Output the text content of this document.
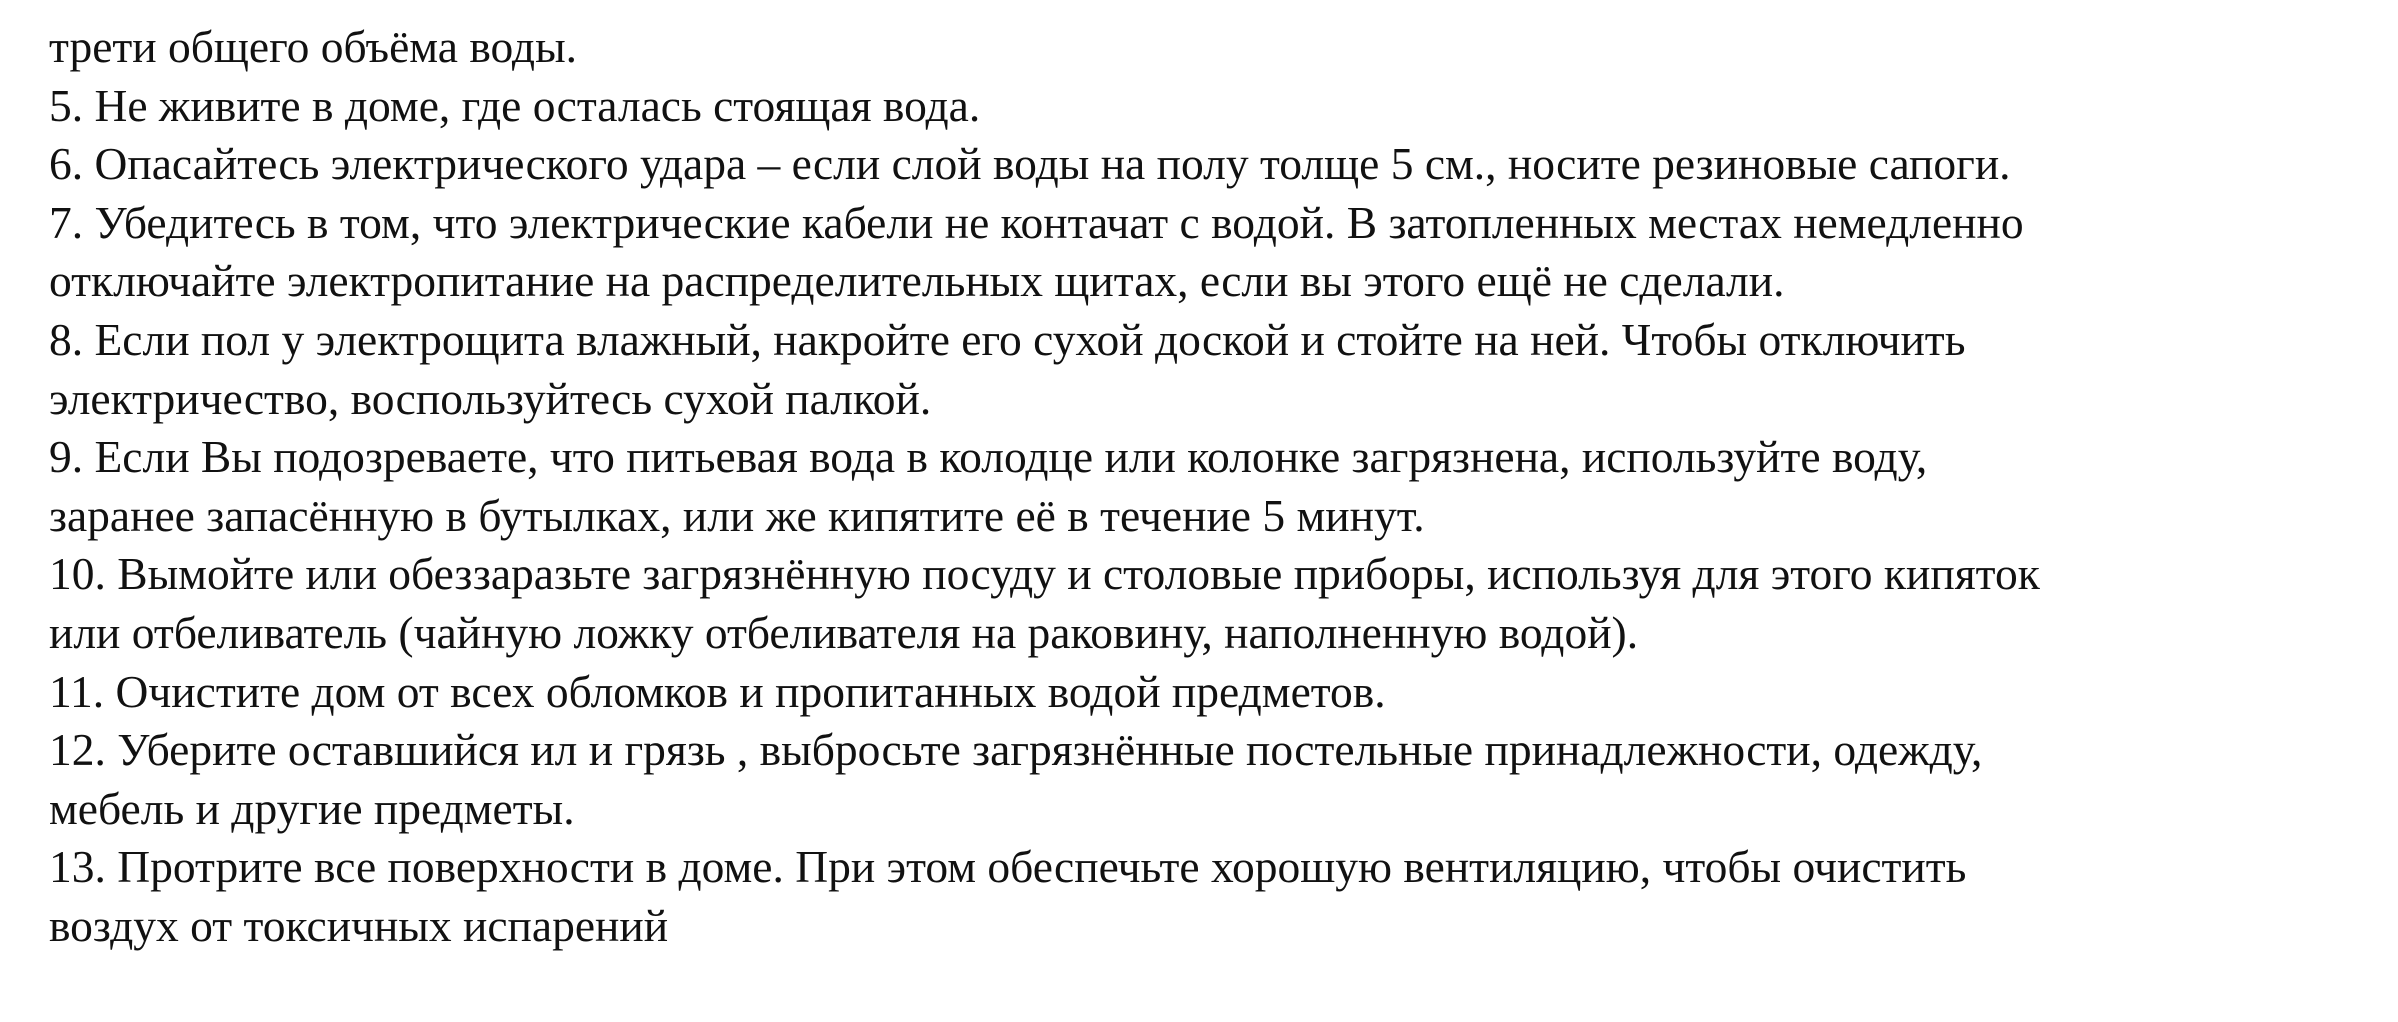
трети общего объёма воды.

5. Не живите в доме, где осталась стоящая вода.

6. Опасайтесь электрического удара – если слой воды на полу толще 5 см., носите резиновые сапоги.

7. Убедитесь в том, что электрические кабели не контачат с водой. В затопленных местах немедленно

отключайте электропитание на распределительных щитах, если вы этого ещё не сделали.

8. Если пол у электрощита влажный, накройте его сухой доской и стойте на ней. Чтобы отключить

электричество, воспользуйтесь сухой палкой.

9. Если Вы подозреваете, что питьевая вода в колодце или колонке загрязнена, используйте воду,

заранее запасённую в бутылках, или же кипятите её в течение 5 минут.

10. Вымойте или обеззаразьте загрязнённую посуду и столовые приборы, используя для этого кипяток

или отбеливатель (чайную ложку отбеливателя на раковину, наполненную водой).

11. Очистите дом от всех обломков и пропитанных водой предметов.

12. Уберите оставшийся ил и грязь , выбросьте загрязнённые постельные принадлежности, одежду,

мебель и другие предметы.

13. Протрите все поверхности в доме. При этом обеспечьте хорошую вентиляцию, чтобы очистить

воздух от токсичных испарений
